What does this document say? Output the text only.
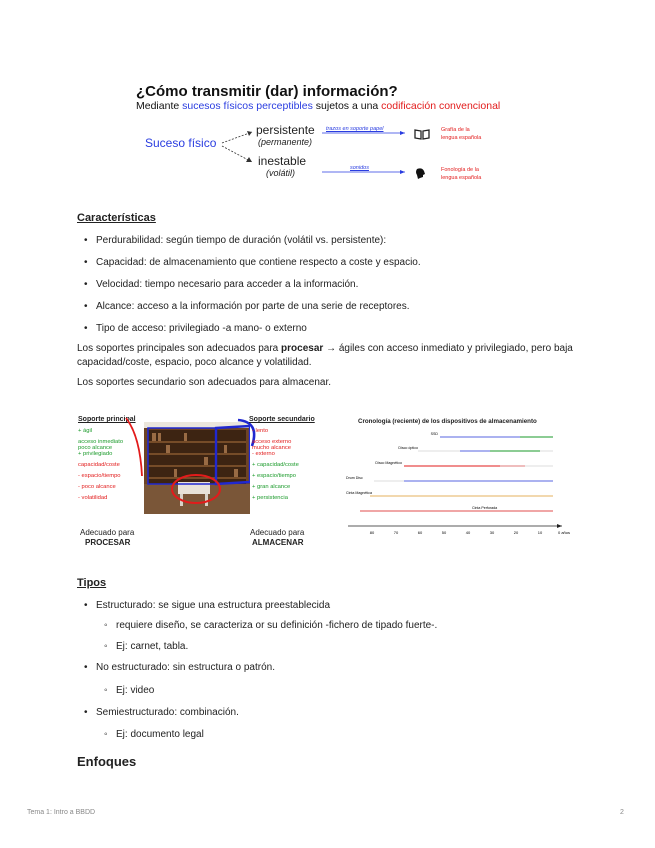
¿Cómo transmitir (dar) información?
Mediante sucesos físicos perceptibles sujetos a una codificación convencional
Suceso físico
persistente
(permanente)
inestable
(volátil)
trazos en soporte papel
sonidos
Grafía de la
lengua española
Fonología de la
lengua española
Características
• Perdurabilidad: según tiempo de duración (volátil vs. persistente):
• Capacidad: de almacenamiento que contiene respecto a coste y espacio.
• Velocidad: tiempo necesario para acceder a la información.
• Alcance: acceso a la información por parte de una serie de receptores.
• Tipo de acceso: privilegiado -a mano- o externo

Los soportes principales son adecuados para procesar → ágiles con acceso inmediato y privilegiado, pero baja capacidad/coste, espacio, poco alcance y volatilidad.

Los soportes secundario son adecuados para almacenar.

Soporte principal
+ ágil
acceso inmediato
poco alcance
+ privilegiado
capacidad/coste
- espacio/tiempo
- poco alcance
- volatilidad
Adecuado para
PROCESAR
Soporte secundario
- lento
acceso externo
mucho alcance
- externo
+ capacidad/coste
+ espacio/tiempo
+ gran alcance
+ persistencia
Adecuado para
ALMACENAR
Cronología (reciente) de los dispositivos de almacenamiento
SSD
Disco óptico
Disco Magnético
Drum Disc
Cinta Magnética
Cinta Perforada
80	70	60	50	40	30	20	10	0 años
Tipos
• Estructurado: se sigue una estructura preestablecida
◦ requiere diseño, se caracteriza or su definición -fichero de tipado fuerte-.
◦ Ej: carnet, tabla.
• No estructurado: sin estructura o patrón.
◦ Ej: video
• Semiestructurado: combinación.
◦ Ej: documento legal
Enfoques
Tema 1: Intro a BBDD	2
